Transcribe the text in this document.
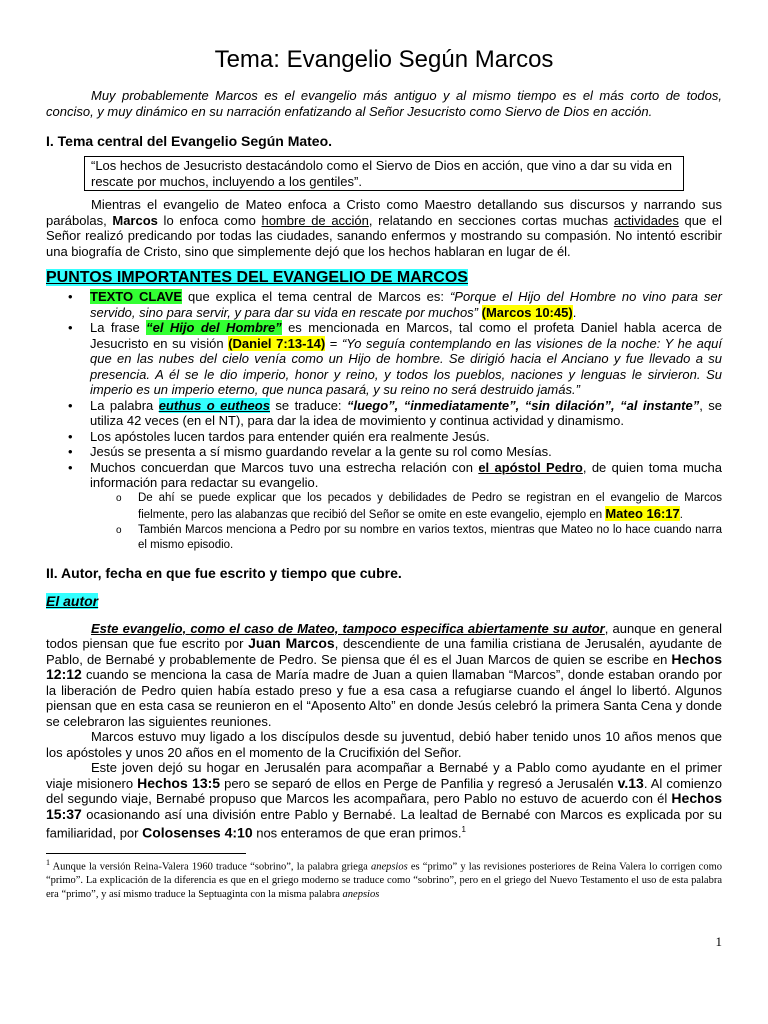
Tema: Evangelio Según Marcos

Muy probablemente Marcos es el evangelio más antiguo y al mismo tiempo es el más corto de todos, conciso, y muy dinámico en su narración enfatizando al Señor Jesucristo como Siervo de Dios en acción.

I. Tema central del Evangelio Según Mateo.
“Los hechos de Jesucristo destacándolo como el Siervo de Dios en acción, que vino a dar su vida en rescate por muchos, incluyendo a los gentiles”.

Mientras el evangelio de Mateo enfoca a Cristo como Maestro detallando sus discursos y narrando sus parábolas, Marcos lo enfoca como hombre de acción, relatando en secciones cortas muchas actividades que el Señor realizó predicando por todas las ciudades, sanando enfermos y mostrando su compasión. No intentó escribir una biografía de Cristo, sino que simplemente dejó que los hechos hablaran en lugar de él.

PUNTOS IMPORTANTES DEL EVANGELIO DE MARCOS
• TEXTO CLAVE que explica el tema central de Marcos es: “Porque el Hijo del Hombre no vino para ser servido, sino para servir, y para dar su vida en rescate por muchos” (Marcos 10:45).
• La frase “el Hijo del Hombre” es mencionada en Marcos, tal como el profeta Daniel habla acerca de Jesucristo en su visión (Daniel 7:13-14) = “Yo seguía contemplando en las visiones de la noche: Y he aquí que en las nubes del cielo venía como un Hijo de hombre. Se dirigió hacia el Anciano y fue llevado a su presencia. A él se le dio imperio, honor y reino, y todos los pueblos, naciones y lenguas le sirvieron. Su imperio es un imperio eterno, que nunca pasará, y su reino no será destruido jamás.”
• La palabra euthus o eutheos se traduce: “luego”, “inmediatamente”, “sin dilación”, “al instante”, se utiliza 42 veces (en el NT), para dar la idea de movimiento y continua actividad y dinamismo.
• Los apóstoles lucen tardos para entender quién era realmente Jesús.
• Jesús se presenta a sí mismo guardando revelar a la gente su rol como Mesías.
• Muchos concuerdan que Marcos tuvo una estrecha relación con el apóstol Pedro, de quien toma mucha información para redactar su evangelio.
o De ahí se puede explicar que los pecados y debilidades de Pedro se registran en el evangelio de Marcos fielmente, pero las alabanzas que recibió del Señor se omite en este evangelio, ejemplo en Mateo 16:17.
o También Marcos menciona a Pedro por su nombre en varios textos, mientras que Mateo no lo hace cuando narra el mismo episodio.
II. Autor, fecha en que fue escrito y tiempo que cubre.
El autor

Este evangelio, como el caso de Mateo, tampoco especifica abiertamente su autor, aunque en general todos piensan que fue escrito por Juan Marcos, descendiente de una familia cristiana de Jerusalén, ayudante de Pablo, de Bernabé y probablemente de Pedro. Se piensa que él es el Juan Marcos de quien se escribe en Hechos 12:12 cuando se menciona la casa de María madre de Juan a quien llamaban “Marcos”, donde estaban orando por la liberación de Pedro quien había estado preso y fue a esa casa a refugiarse cuando el ángel lo libertó. Algunos piensan que en esta casa se reunieron en el “Aposento Alto” en donde Jesús celebró la primera Santa Cena y donde se celebraron las siguientes reuniones.

Marcos estuvo muy ligado a los discípulos desde su juventud, debió haber tenido unos 10 años menos que los apóstoles y unos 20 años en el momento de la Crucifixión del Señor.

Este joven dejó su hogar en Jerusalén para acompañar a Bernabé y a Pablo como ayudante en el primer viaje misionero Hechos 13:5 pero se separó de ellos en Perge de Panfilia y regresó a Jerusalén v.13. Al comienzo del segundo viaje, Bernabé propuso que Marcos les acompañara, pero Pablo no estuvo de acuerdo con él Hechos 15:37 ocasionando así una división entre Pablo y Bernabé. La lealtad de Bernabé con Marcos es explicada por su familiaridad, por Colosenses 4:10 nos enteramos de que eran primos.$^1$

$^1$ Aunque la versión Reina-Valera 1960 traduce “sobrino”, la palabra griega anepsios es “primo” y las revisiones posteriores de Reina Valera lo corrigen como “primo”. La explicación de la diferencia es que en el griego moderno se traduce como “sobrino”, pero en el griego del Nuevo Testamento el uso de esta palabra era “primo”, y así mismo traduce la Septuaginta con la misma palabra anepsios

1
